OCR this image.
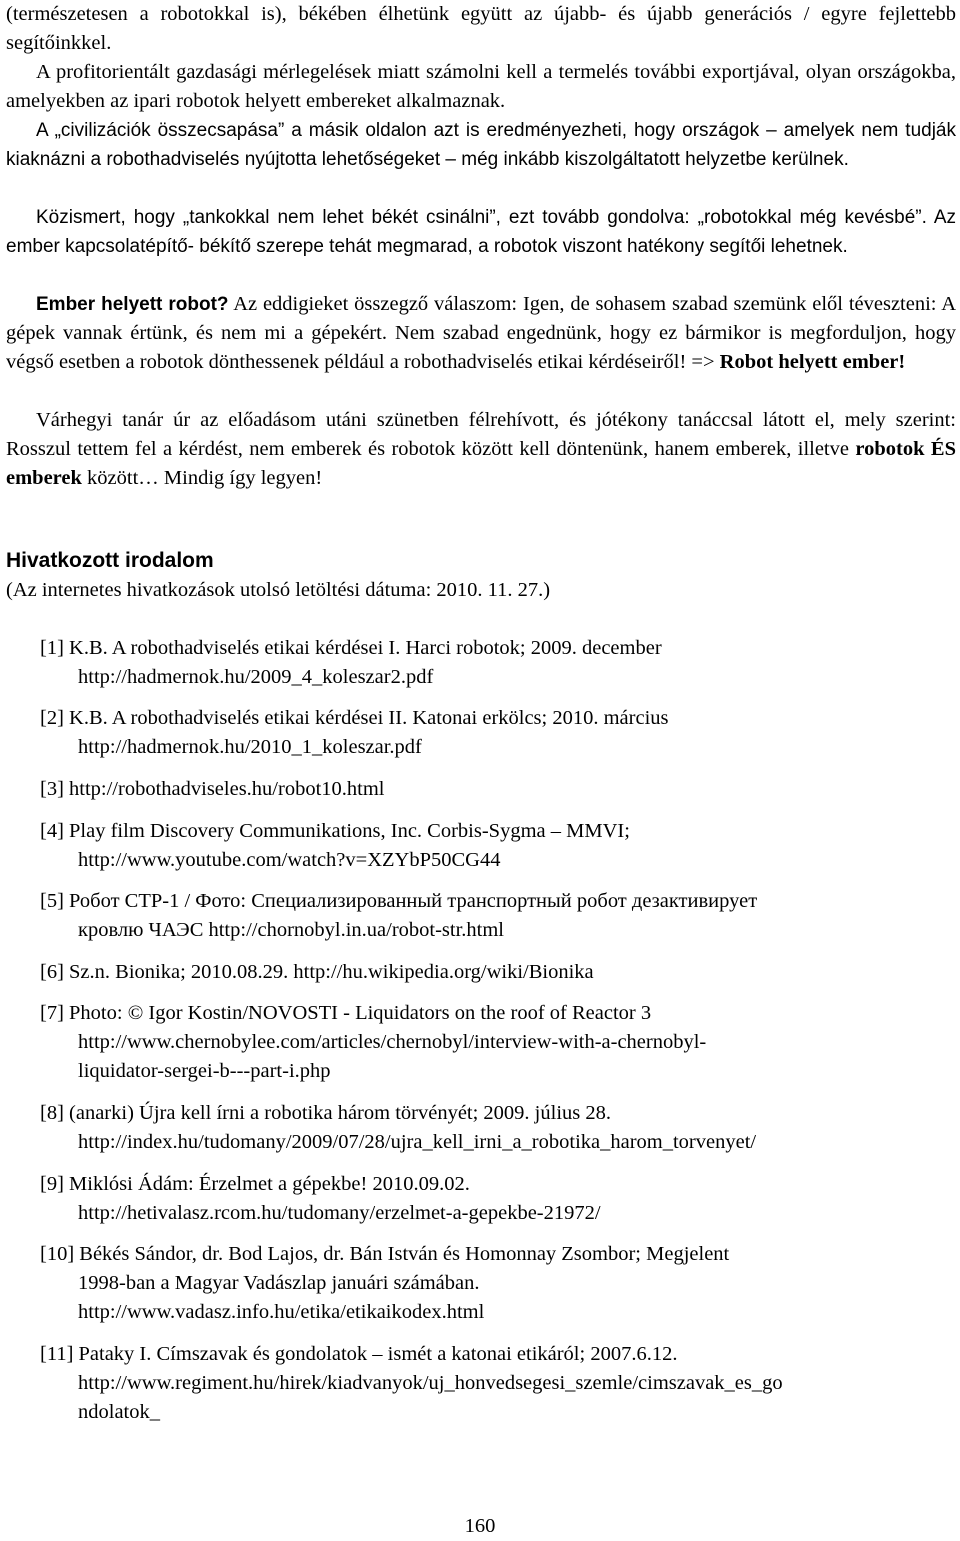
(természetesen a robotokkal is), békében élhetünk együtt az újabb- és újabb generációs / egyre fejlettebb segítőinkkel.

A profitorientált gazdasági mérlegelések miatt számolni kell a termelés további exportjával, olyan országokba, amelyekben az ipari robotok helyett embereket alkalmaznak.

A „civilizációk összecsapása” a másik oldalon azt is eredményezheti, hogy országok – amelyek nem tudják kiaknázni a robothadviselés nyújtotta lehetőségeket – még inkább kiszolgáltatott helyzetbe kerülnek.

Közismert, hogy „tankokkal nem lehet békét csinálni”, ezt tovább gondolva: „robotokkal még kevésbé”. Az ember kapcsolatépítő- békítő szerepe tehát megmarad, a robotok viszont hatékony segítői lehetnek.

Ember helyett robot? Az eddigieket összegző válaszom: Igen, de sohasem szabad szemünk elől téveszteni: A gépek vannak értünk, és nem mi a gépekért. Nem szabad engednünk, hogy ez bármikor is megforduljon, hogy végső esetben a robotok dönthessenek például a robothadviselés etikai kérdéseiről! => Robot helyett ember!

Várhegyi tanár úr az előadásom utáni szünetben félrehívott, és jótékony tanáccsal látott el, mely szerint: Rosszul tettem fel a kérdést, nem emberek és robotok között kell döntenünk, hanem emberek, illetve robotok ÉS emberek között… Mindig így legyen!

Hivatkozott irodalom

(Az internetes hivatkozások utolsó letöltési dátuma: 2010. 11. 27.)

[1] K.B. A robothadviselés etikai kérdései I. Harci robotok; 2009. december
http://hadmernok.hu/2009_4_koleszar2.pdf

[2] K.B. A robothadviselés etikai kérdései II. Katonai erkölcs; 2010. március
http://hadmernok.hu/2010_1_koleszar.pdf

[3] http://robothadviseles.hu/robot10.html

[4] Play film Discovery Communikations, Inc. Corbis-Sygma – MMVI;
http://www.youtube.com/watch?v=XZYbP50CG44

[5] Робот СТР-1 / Фото: Специализированный транспортный робот дезактивирует
кровлю ЧАЭС http://chornobyl.in.ua/robot-str.html

[6] Sz.n. Bionika; 2010.08.29. http://hu.wikipedia.org/wiki/Bionika

[7] Photo: © Igor Kostin/NOVOSTI - Liquidators on the roof of Reactor 3
http://www.chernobylee.com/articles/chernobyl/interview-with-a-chernobyl-
liquidator-sergei-b---part-i.php

[8] (anarki) Újra kell írni a robotika három törvényét; 2009. július 28.
http://index.hu/tudomany/2009/07/28/ujra_kell_irni_a_robotika_harom_torvenyet/

[9] Miklósi Ádám: Érzelmet a gépekbe! 2010.09.02.
http://hetivalasz.rcom.hu/tudomany/erzelmet-a-gepekbe-21972/

[10] Békés Sándor, dr. Bod Lajos, dr. Bán István és Homonnay Zsombor; Megjelent
1998-ban a Magyar Vadászlap januári számában.
http://www.vadasz.info.hu/etika/etikaikodex.html

[11] Pataky I. Címszavak és gondolatok – ismét a katonai etikáról; 2007.6.12.
http://www.regiment.hu/hirek/kiadvanyok/uj_honvedsegesi_szemle/cimszavak_es_go
ndolatok_

160
